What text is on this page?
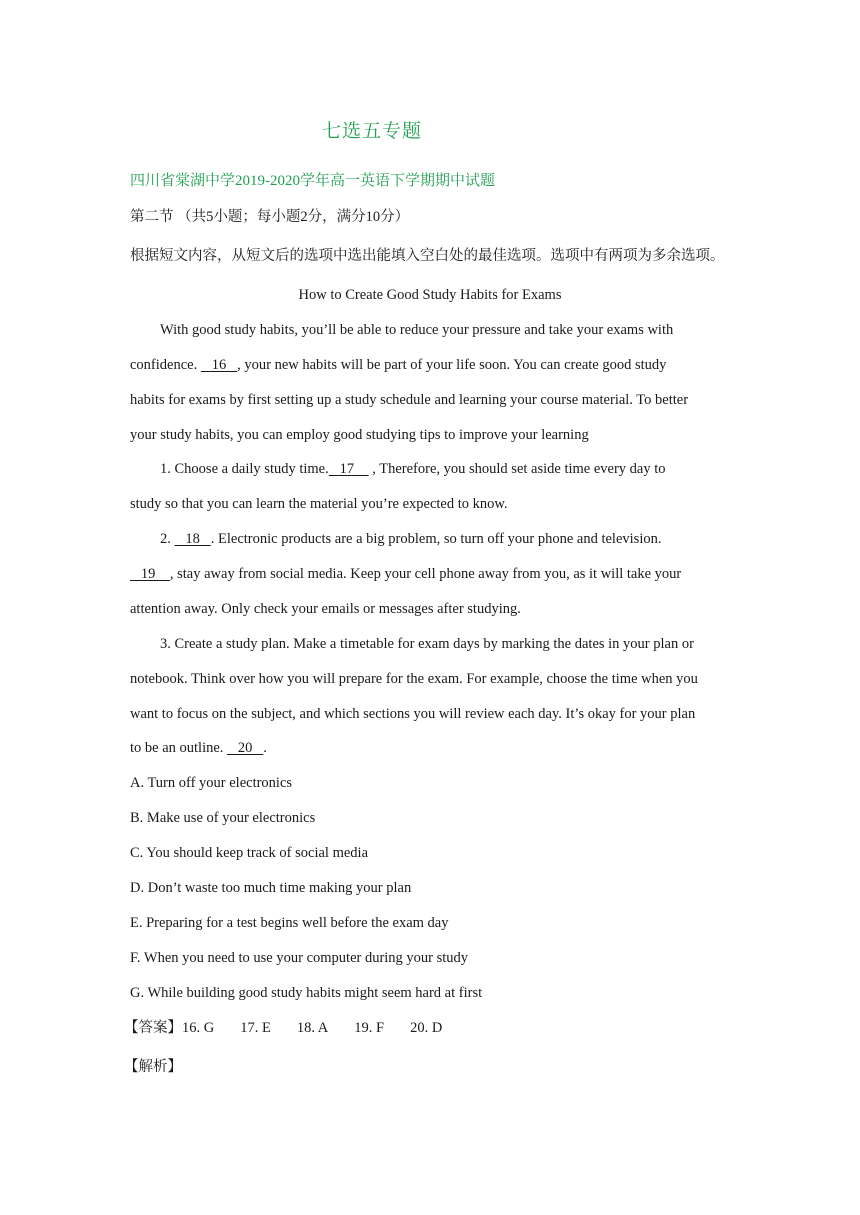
七选五专题
四川省棠湖中学2019-2020学年高一英语下学期期中试题
第二节 （共5小题；每小题2分，满分10分）
根据短文内容，从短文后的选项中选出能填入空白处的最佳选项。选项中有两项为多余选项。
How to Create Good Study Habits for Exams
With good study habits, you’ll be able to reduce your pressure and take your exams with
confidence.    16   , your new habits will be part of your life soon. You can create good study
habits for exams by first setting up a study schedule and learning your course material. To better
your study habits, you can employ good studying tips to improve your learning
1. Choose a daily study time.   17     , Therefore, you should set aside time every day to
study so that you can learn the material you’re expected to know.
2.    18   . Electronic products are a big problem, so turn off your phone and television.
19    , stay away from social media. Keep your cell phone away from you, as it will take your
attention away. Only check your emails or messages after studying.
3. Create a study plan. Make a timetable for exam days by marking the dates in your plan or
notebook. Think over how you will prepare for the exam. For example, choose the time when you
want to focus on the subject, and which sections you will review each day. It’s okay for your plan
to be an outline.    20   .
A. Turn off your electronics
B. Make use of your electronics
C. You should keep track of social media
D. Don’t waste too much time making your plan
E. Preparing for a test begins well before the exam day
F. When you need to use your computer during your study
G. While building good study habits might seem hard at first
【答案】16. G 17. E 18. A 19. F 20. D
【解析】
